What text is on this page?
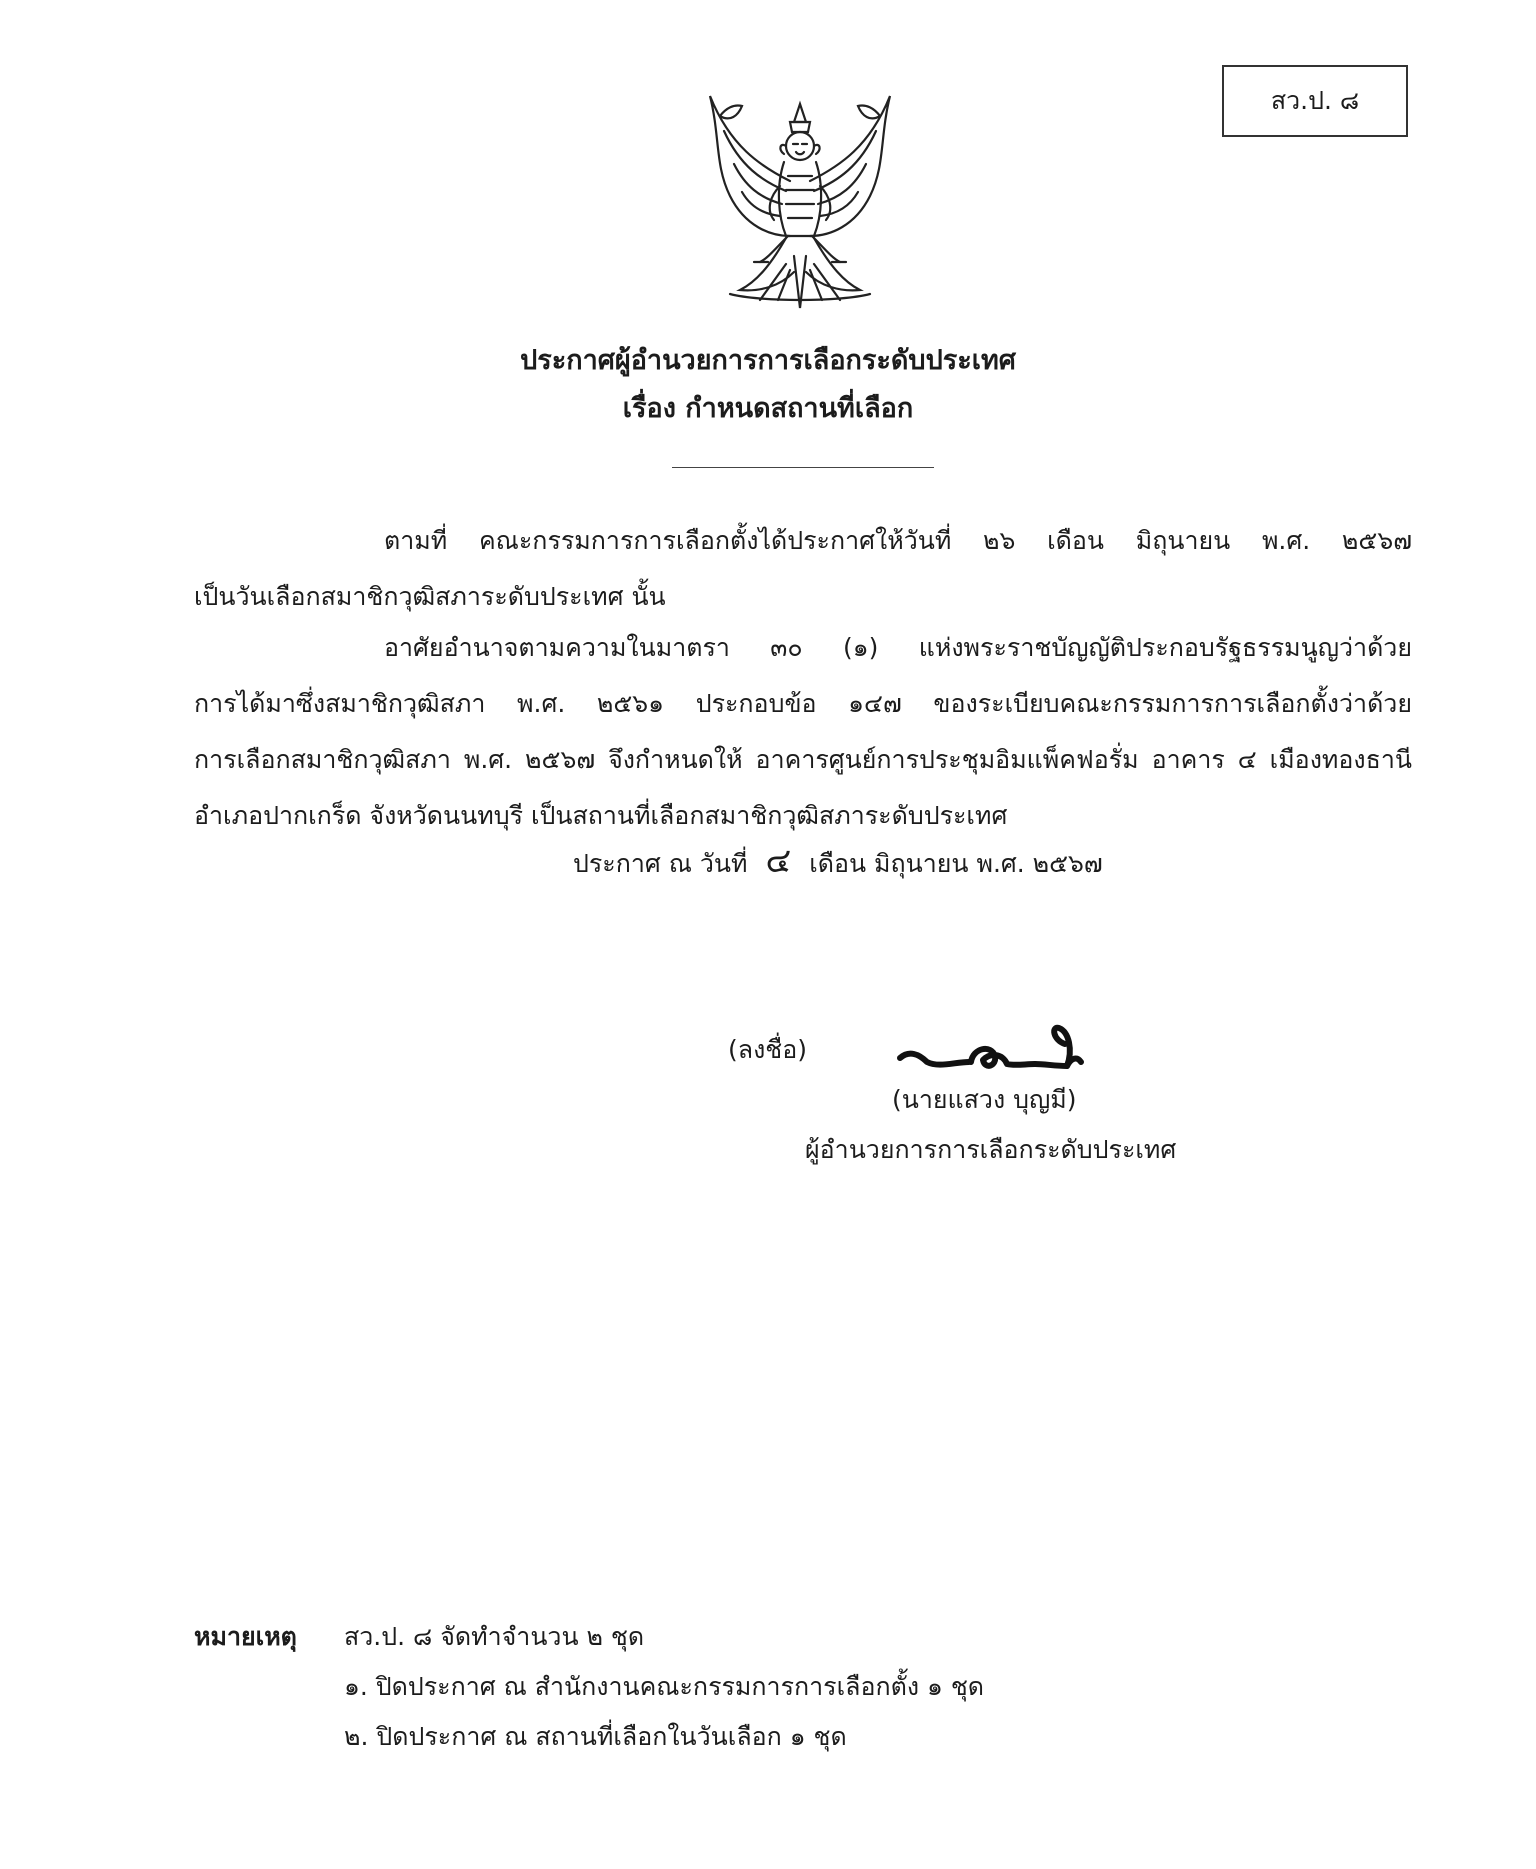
สว.ป. ๘
ประกาศผู้อำนวยการการเลือกระดับประเทศ
เรื่อง กำหนดสถานที่เลือก
ตามที่ คณะกรรมการการเลือกตั้งได้ประกาศให้วันที่ ๒๖ เดือน มิถุนายน พ.ศ. ๒๕๖๗
เป็นวันเลือกสมาชิกวุฒิสภาระดับประเทศ นั้น
อาศัยอำนาจตามความในมาตรา ๓๐ (๑) แห่งพระราชบัญญัติประกอบรัฐธรรมนูญว่าด้วย
การได้มาซึ่งสมาชิกวุฒิสภา พ.ศ. ๒๕๖๑ ประกอบข้อ ๑๔๗ ของระเบียบคณะกรรมการการเลือกตั้งว่าด้วย
การเลือกสมาชิกวุฒิสภา พ.ศ. ๒๕๖๗ จึงกำหนดให้ อาคารศูนย์การประชุมอิมแพ็คฟอรั่ม อาคาร ๔ เมืองทองธานี
อำเภอปากเกร็ด จังหวัดนนทบุรี เป็นสถานที่เลือกสมาชิกวุฒิสภาระดับประเทศ
ประกาศ ณ วันที่ ๔ เดือน มิถุนายน พ.ศ. ๒๕๖๗
(ลงชื่อ)
(นายแสวง บุญมี)
ผู้อำนวยการการเลือกระดับประเทศ
หมายเหตุ สว.ป. ๘ จัดทำจำนวน ๒ ชุด
๑. ปิดประกาศ ณ สำนักงานคณะกรรมการการเลือกตั้ง ๑ ชุด
๒. ปิดประกาศ ณ สถานที่เลือกในวันเลือก ๑ ชุด
